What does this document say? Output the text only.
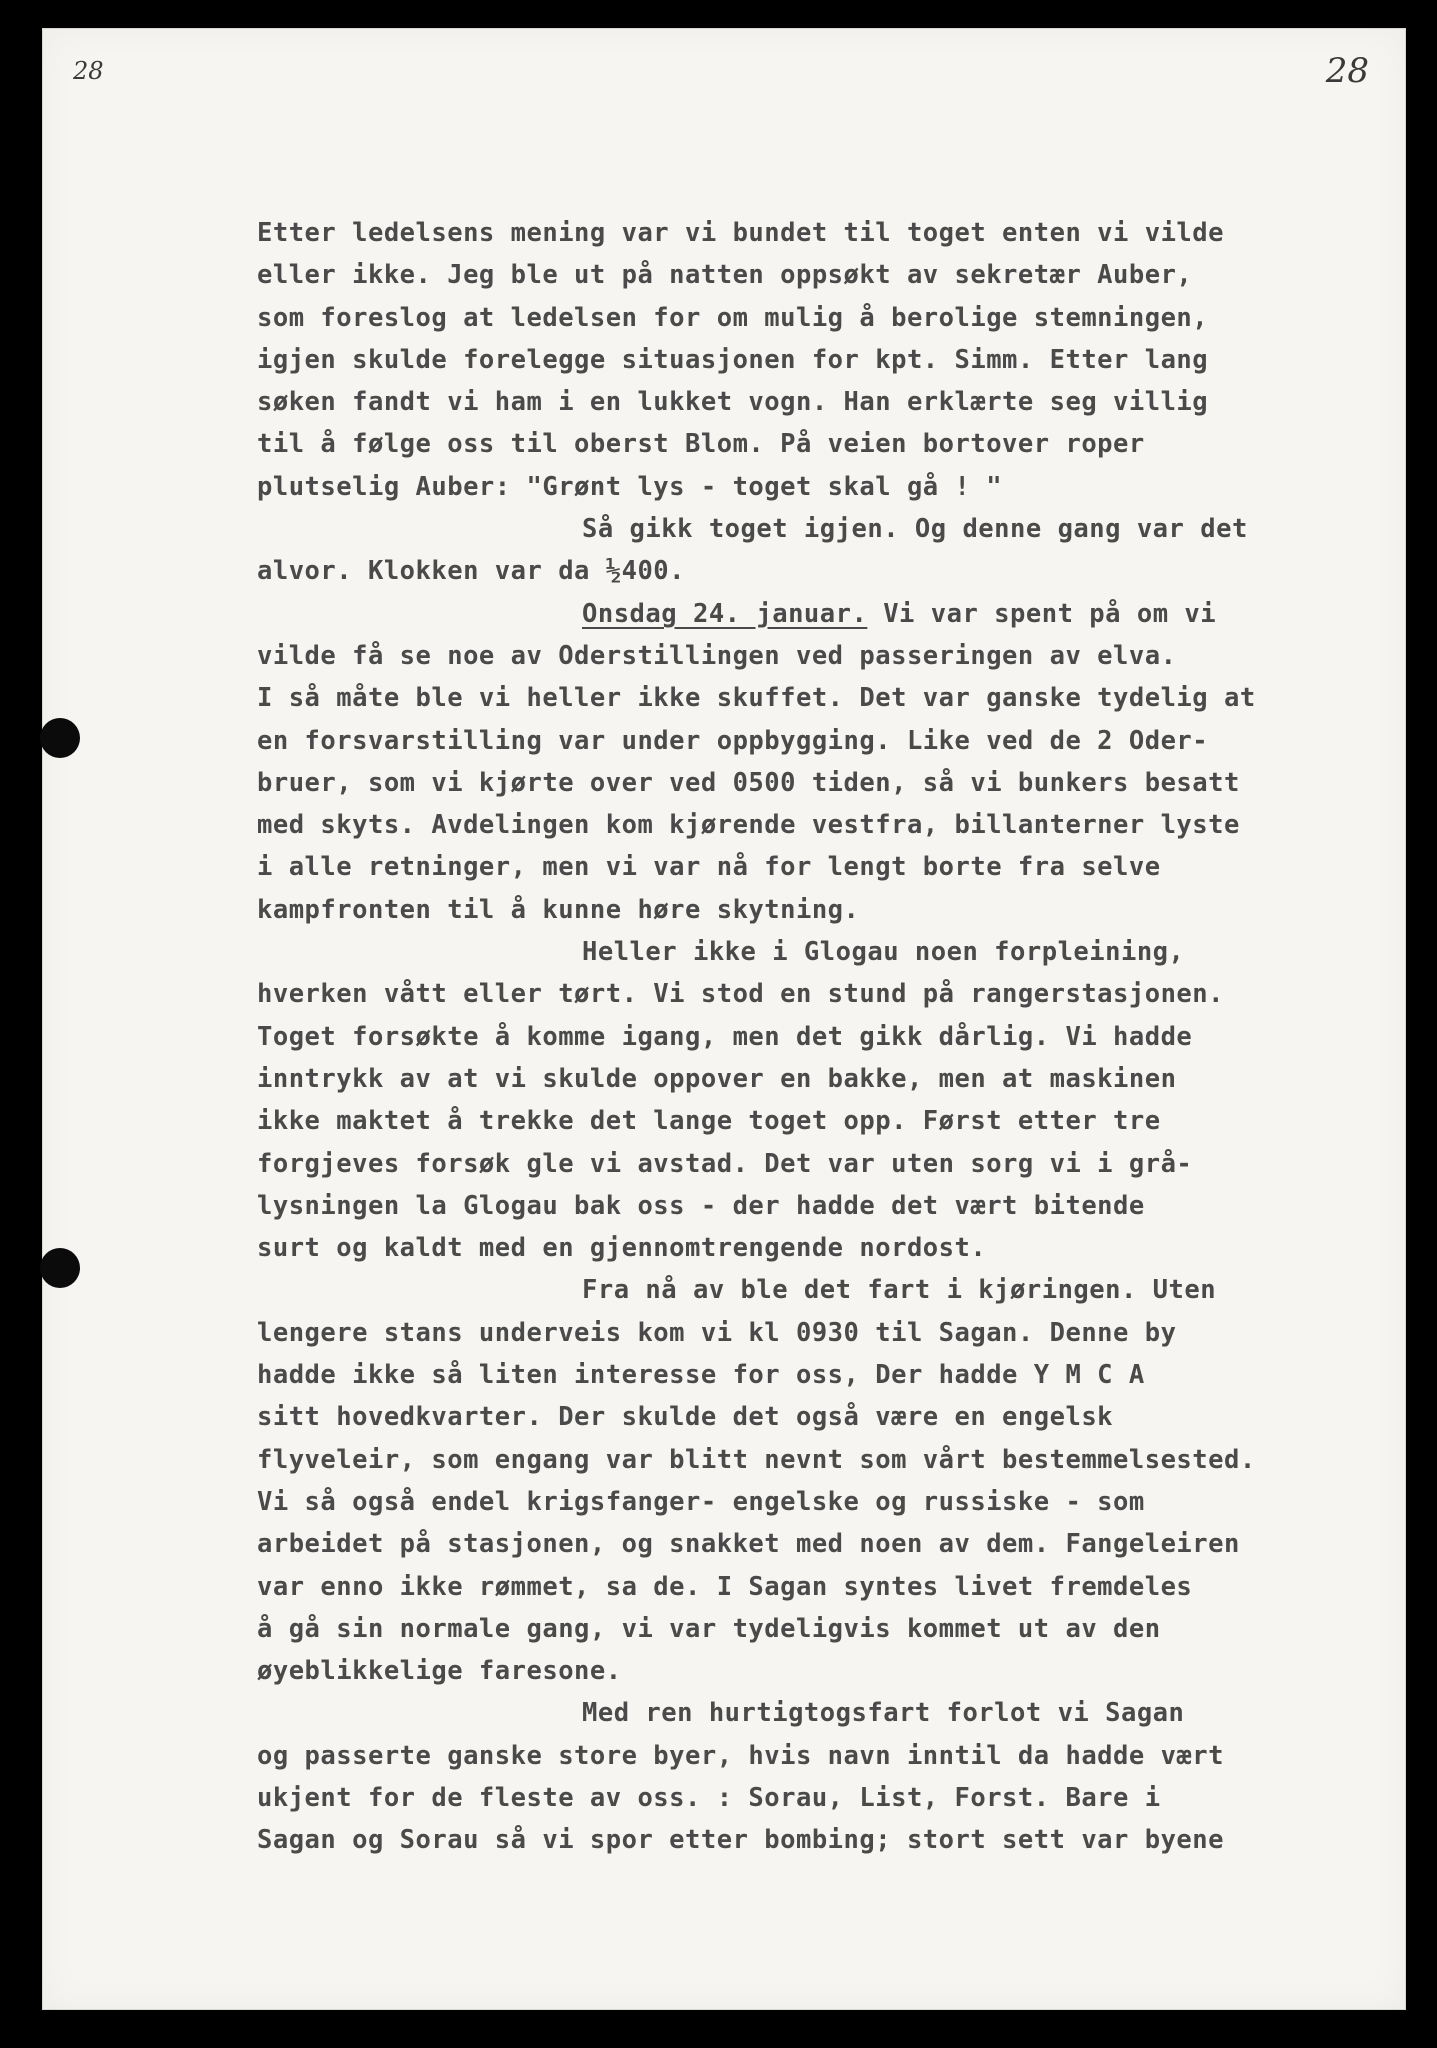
28	28
Etter ledelsens mening var vi bundet til toget enten vi vilde
eller ikke. Jeg ble ut på natten oppsøkt av sekretær Auber,
som foreslog at ledelsen for om mulig å berolige stemningen,
igjen skulde forelegge situasjonen for kpt. Simm. Etter lang
søken fandt vi ham i en lukket vogn. Han erklærte seg villig
til å følge oss til oberst Blom. På veien bortover roper
plutselig Auber: "Grønt lys - toget skal gå ! "
Så gikk toget igjen. Og denne gang var det
alvor. Klokken var da ½400.
Onsdag 24. januar. Vi var spent på om vi
vilde få se noe av Oderstillingen ved passeringen av elva.
I så måte ble vi heller ikke skuffet. Det var ganske tydelig at
en forsvarstilling var under oppbygging. Like ved de 2 Oder-
bruer, som vi kjørte over ved 0500 tiden, så vi bunkers besatt
med skyts. Avdelingen kom kjørende vestfra, billanterner lyste
i alle retninger, men vi var nå for lengt borte fra selve
kampfronten til å kunne høre skytning.
Heller ikke i Glogau noen forpleining,
hverken vått eller tørt. Vi stod en stund på rangerstasjonen.
Toget forsøkte å komme igang, men det gikk dårlig. Vi hadde
inntrykk av at vi skulde oppover en bakke, men at maskinen
ikke maktet å trekke det lange toget opp. Først etter tre
forgjeves forsøk gle vi avstad. Det var uten sorg vi i grå-
lysningen la Glogau bak oss - der hadde det vært bitende
surt og kaldt med en gjennomtrengende nordost.
Fra nå av ble det fart i kjøringen. Uten
lengere stans underveis kom vi kl 0930 til Sagan. Denne by
hadde ikke så liten interesse for oss, Der hadde Y M C A
sitt hovedkvarter. Der skulde det også være en engelsk
flyveleir, som engang var blitt nevnt som vårt bestemmelsested.
Vi så også endel krigsfanger- engelske og russiske - som
arbeidet på stasjonen, og snakket med noen av dem. Fangeleiren
var enno ikke rømmet, sa de. I Sagan syntes livet fremdeles
å gå sin normale gang, vi var tydeligvis kommet ut av den
øyeblikkelige faresone.
Med ren hurtigtogsfart forlot vi Sagan
og passerte ganske store byer, hvis navn inntil da hadde vært
ukjent for de fleste av oss. : Sorau, List, Forst. Bare i
Sagan og Sorau så vi spor etter bombing; stort sett var byene
